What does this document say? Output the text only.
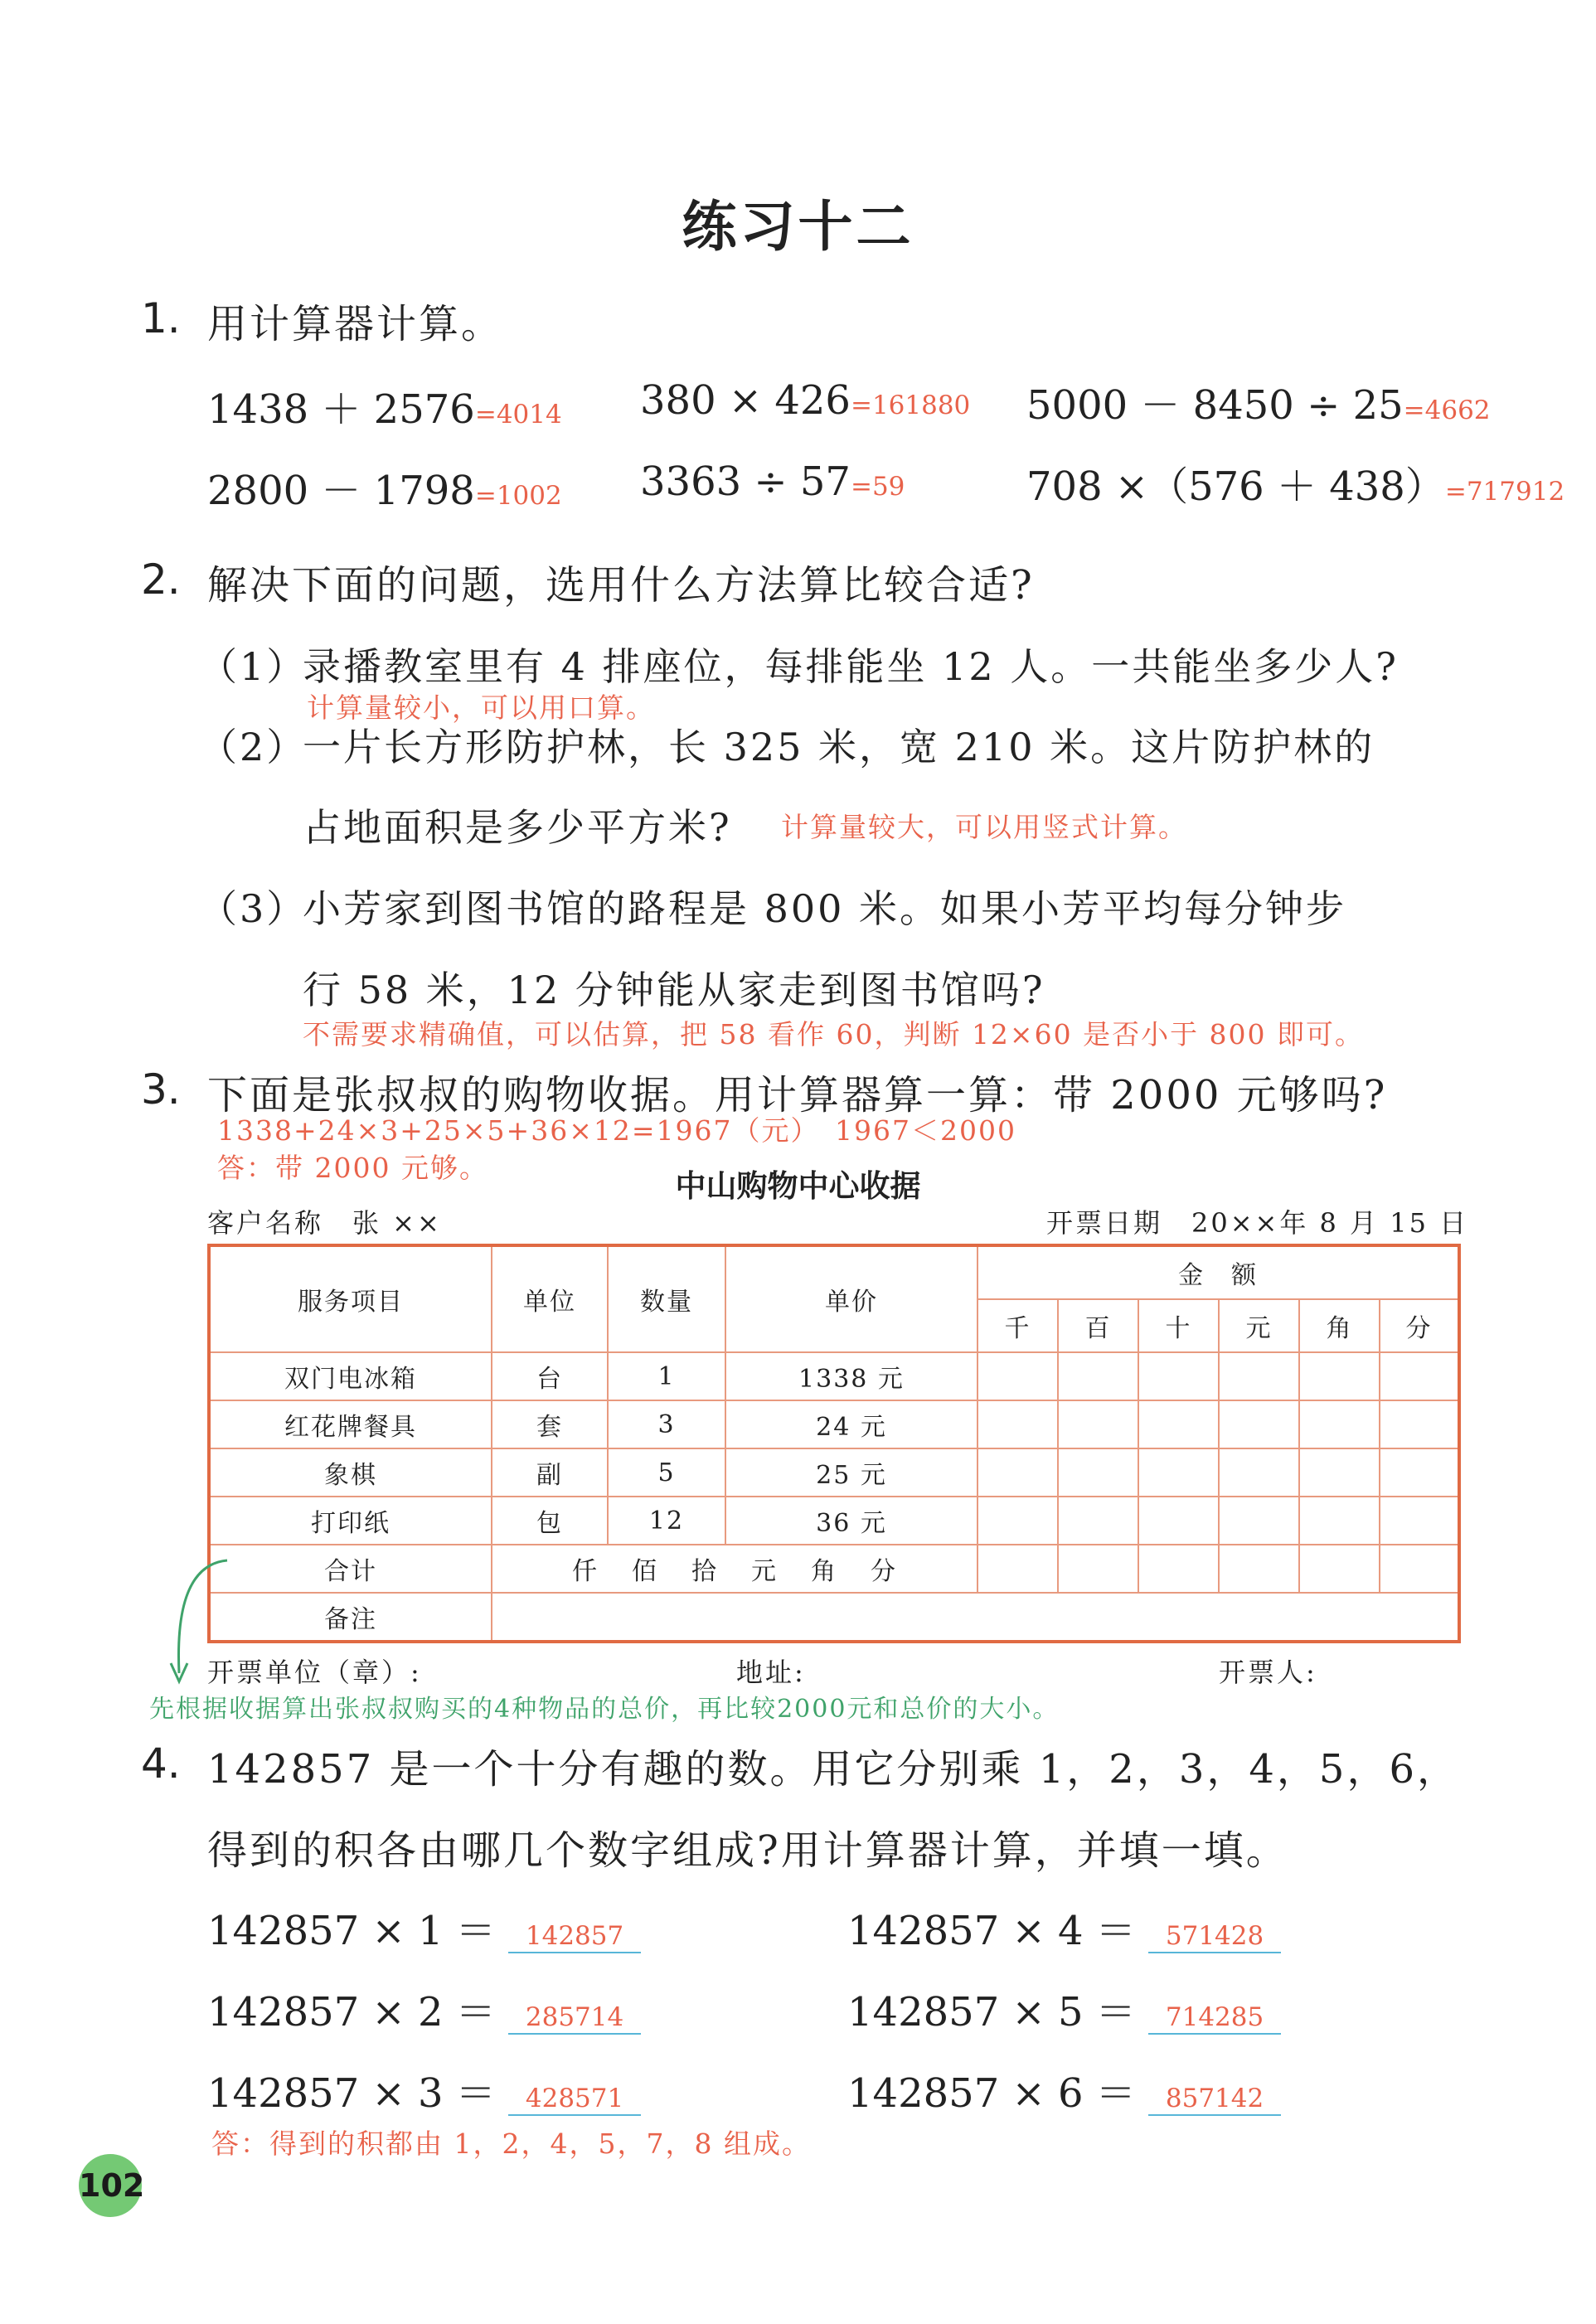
练习十二
1. 用计算器计算。
1438 ＋ 2576=4014 380 × 426=161880 5000 － 8450 ÷ 25=4662
2800 － 1798=1002 3363 ÷ 57=59	708 ×（576 ＋ 438）=717912
2. 解决下面的问题，选用什么方法算比较合适?
（1）
录播教室里有 4 排座位，每排能坐 12 人。一共能坐多少人?
计算量较小，可以用口算。
（2）
一片长方形防护林，长 325 米，宽 210 米。这片防护林的
占地面积是多少平方米? 计算量较大，可以用竖式计算。
（3）
小芳家到图书馆的路程是 800 米。如果小芳平均每分钟步
行 58 米，12 分钟能从家走到图书馆吗?
不需要求精确值，可以估算，把 58 看作 60，判断 12×60 是否小于 800 即可。
3. 下面是张叔叔的购物收据。用计算器算一算：带 2000 元够吗?
1338+24×3+25×5+36×12=1967（元）　1967＜2000
答：带 2000 元够。
中山购物中心收据
客户名称　张 ××	开票日期　20××年 8 月 15 日
服务项目	单位	数量	单价	金　额					
				千	百	十	元	角	分
双门电冰箱	台	1	1338 元						
红花牌餐具	套	3	24 元						
象棋	副	5	25 元						
打印纸	包	12	36 元						
合计	仟 佰 拾 元 角 分								
备注									
开票单位（章）:	地址:	开票人:
先根据收据算出张叔叔购买的4种物品的总价，再比较2000元和总价的大小。
4. 142857 是一个十分有趣的数。用它分别乘 1，2，3，4，5，6，
得到的积各由哪几个数字组成?用计算器计算，并填一填。
142857 × 1 ＝ 142857	142857 × 4 ＝ 571428
142857 × 2 ＝ 285714	142857 × 5 ＝ 714285
142857 × 3 ＝ 428571	142857 × 6 ＝ 857142
答：得到的积都由 1，2，4，5，7，8 组成。
102
